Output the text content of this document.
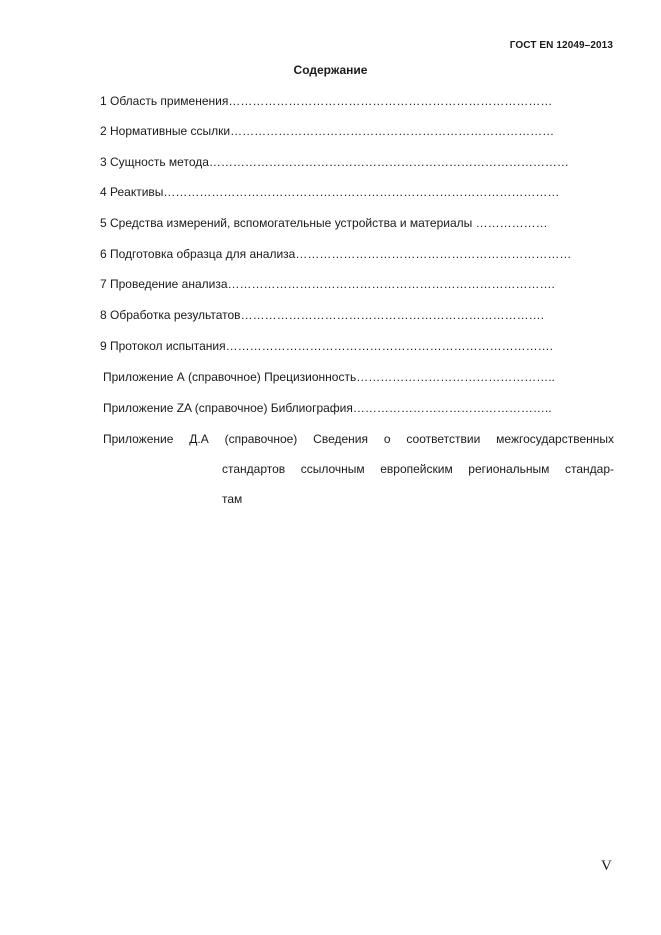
ГОСТ EN 12049–2013
Содержание
1 Область применения………………………………………………………………………
2 Нормативные ссылки………………………………………………………………………
3 Сущность метода………………………………………………………………………………
4 Реактивы………………………………………………………………………………………
5 Средства измерений, вспомогательные устройства и материалы ………………
6 Подготовка образца для анализа……………………………………………………………
7 Проведение анализа……………………………………………………………………….
8 Обработка результатов………………………………………………………………….
9 Протокол испытания……………………………………………………………………….
Приложение А (справочное) Прецизионность…………………………………………..
Приложение ZA (справочное) Библиография…………………………………………..
Приложение Д.А (справочное) Сведения о соответствии межгосударственных
стандартов ссылочным европейским региональным стандар-
там
V
